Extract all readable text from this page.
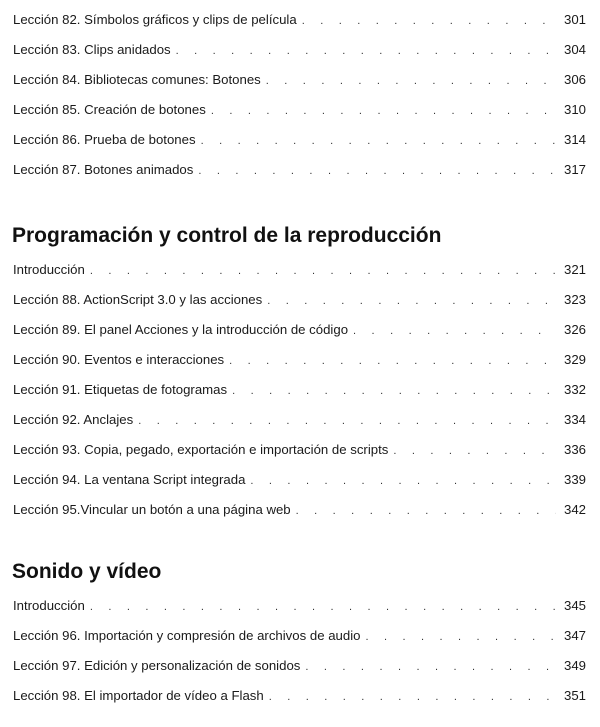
Lección 82. Símbolos gráficos y clips de película . . .	301
Lección 83. Clips anidados . . .	304
Lección 84. Bibliotecas comunes: Botones . . .	306
Lección 85. Creación de botones . . .	310
Lección 86. Prueba de botones . . .	314
Lección 87. Botones animados . . .	317
Programación y control de la reproducción
Introducción . . .	321
Lección 88. ActionScript 3.0 y las acciones . . .	323
Lección 89. El panel Acciones y la introducción de código . . .	326
Lección 90. Eventos e interacciones . . .	329
Lección 91. Etiquetas de fotogramas . . .	332
Lección 92. Anclajes . . .	334
Lección 93. Copia, pegado, exportación e importación de scripts . . .	336
Lección 94. La ventana Script integrada . . .	339
Lección 95.Vincular un botón a una página web . . .	342
Sonido y vídeo
Introducción . . .	345
Lección 96. Importación y compresión de archivos de audio . . .	347
Lección 97. Edición y personalización de sonidos . . .	349
Lección 98. El importador de vídeo a Flash . . .	351
